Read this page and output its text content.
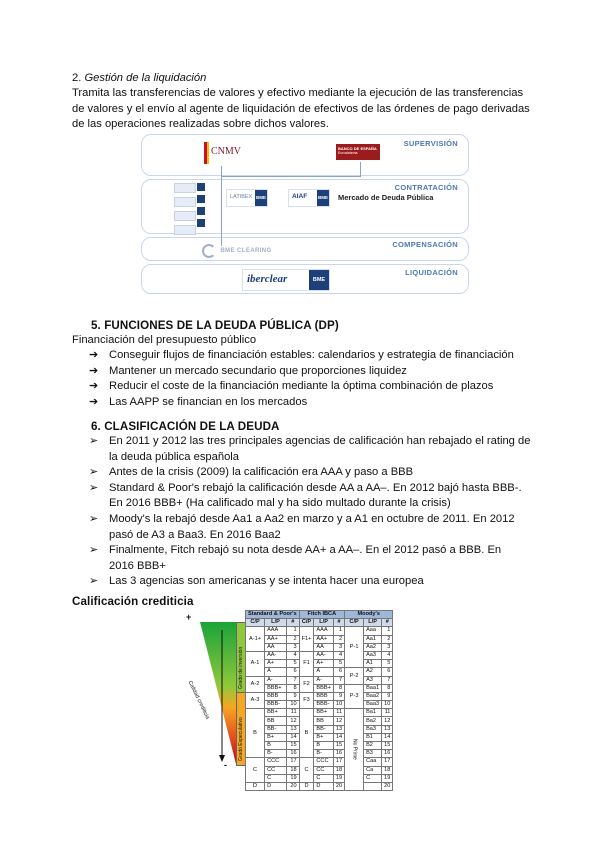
2. Gestión de la liquidación
Tramita las transferencias de valores y efectivo mediante la ejecución de las transferencias
de valores y el envío al agente de liquidación de efectivos de las órdenes de pago derivadas
de las operaciones realizadas sobre dichos valores.
SUPERVISIÓN
CONTRATACIÓN
COMPENSACIÓN
LIQUIDACIÓN
CNMV	BANCO DE ESPAÑA
Eurosistema
LATIBEX BME	AIAF BME Mercado de Deuda Pública
BME CLEARING
iberclear	BME
5. FUNCIONES DE LA DEUDA PÚBLICA (DP)
Financiación del presupuesto público
➔ Conseguir flujos de financiación estables: calendarios y estrategia de financiación
➔ Mantener un mercado secundario que proporciones liquidez
➔ Reducir el coste de la financiación mediante la óptima combinación de plazos
➔ Las AAPP se financian en los mercados
6. CLASIFICACIÓN DE LA DEUDA
➢ En 2011 y 2012 las tres principales agencias de calificación han rebajado el rating de
la deuda pública española
➢ Antes de la crisis (2009) la calificación era AAA y paso a BBB
➢ Standard & Poor's rebajó la calificación desde AA a AA–. En 2012 bajó hasta BBB-.
En 2016 BBB+ (Ha calificado mal y ha sido multado durante la crisis)
➢ Moody's la rebajó desde Aa1 a Aa2 en marzo y a A1 en octubre de 2011. En 2012
pasó de A3 a Baa3. En 2016 Baa2
➢ Finalmente, Fitch rebajó su nota desde AA+ a AA–. En el 2012 pasó a BBB. En
2016 BBB+
➢ Las 3 agencias son americanas y se intenta hacer una europea
Calificación crediticia
+
-
Calidad crediticia
Grado de inversión
Grado Especulativo
Standard & Poor's			Fitch IBCA			Moody's		
C/P	L/P	#	C/P	L/P	#	C/P	L/P	#
A-1+	AAA	1	F1+	AAA	1	P-1	Aaa	1
	AA+	2		AA+	2		Aa1	2
	AA	3		AA	3		Aa2	3
A-1	AA-	4	F1	AA-	4		Aa3	4
	A+	5		A+	5		A1	5
	A	6		A	6	P-2	A2	6
A-2	A-	7	F2	A-	7		A3	7
	BBB+	8		BBB+	8	P-3	Baa1	8
A-3	BBB	9	F3	BBB	9		Baa2	9
	BBB-	10		BBB-	10		Baa3	10
B	BB+	11	B	BB+	11	No Prime	Ba1	11
	BB	12		BB	12		Ba2	12
	BB-	13		BB-	13		Ba3	13
	B+	14		B+	14		B1	14
	B	15		B	15		B2	15
	B-	16		B-	16		B3	16
C	CCC	17	C	CCC	17		Caa	17
	CC	18		CC	18		Ca	18
	C	19		C	19		C	19
D	D	20	D	D	20			20
